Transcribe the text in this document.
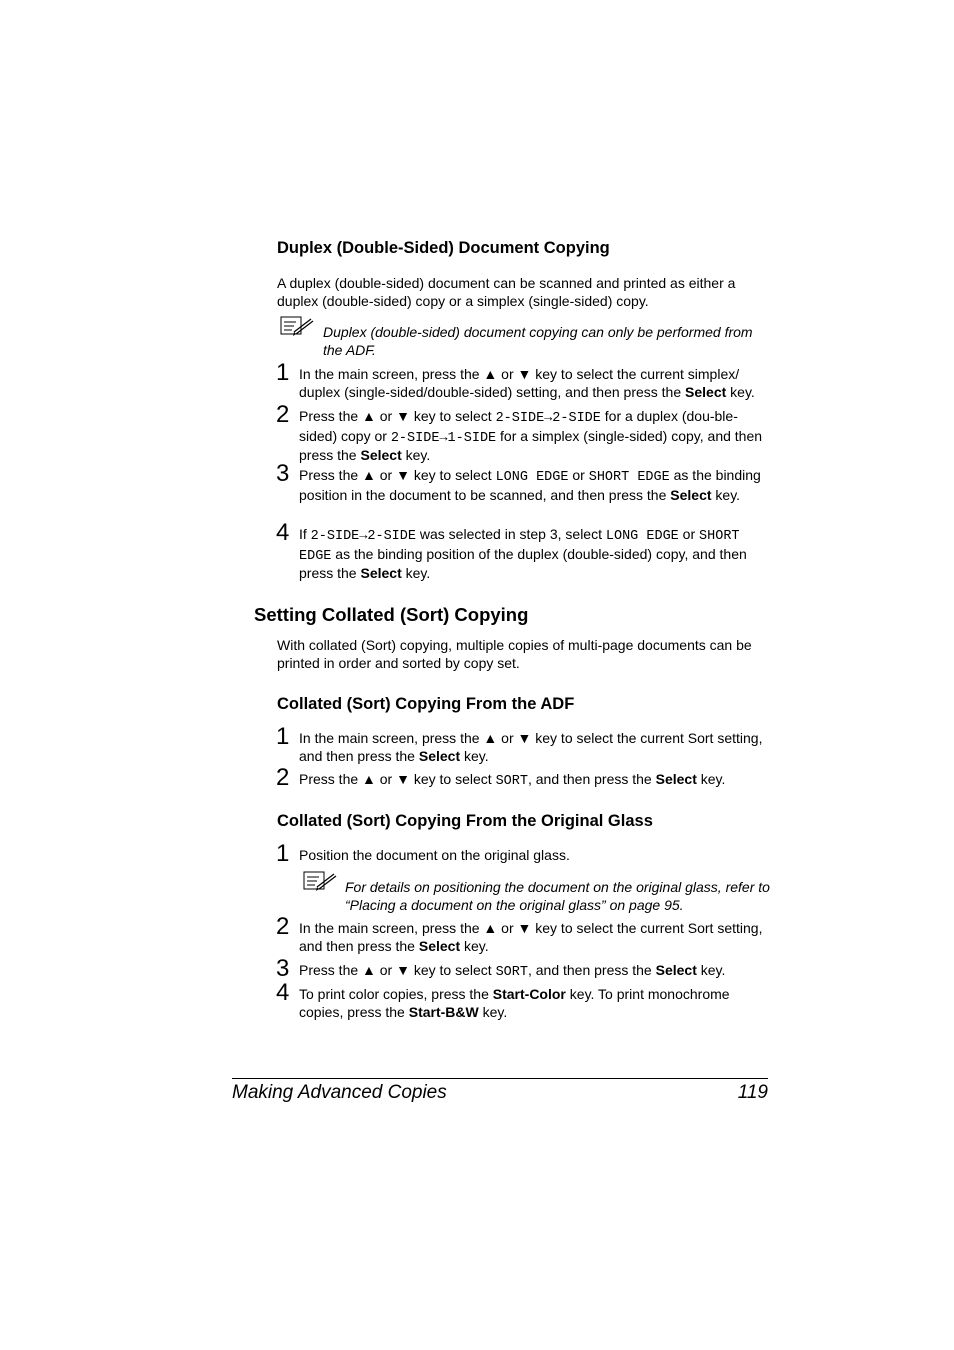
Duplex (Double-Sided) Document Copying

A duplex (double-sided) document can be scanned and printed as either a duplex (double-sided) copy or a simplex (single-sided) copy.

Duplex (double-sided) document copying can only be performed from the ADF.
1 In the main screen, press the ▲ or ▼ key to select the current simplex/ duplex (single-sided/double-sided) setting, and then press the Select key.
2 Press the ▲ or ▼ key to select 2-SIDE→2-SIDE for a duplex (dou-ble-sided) copy or 2-SIDE→1-SIDE for a simplex (single-sided) copy, and then press the Select key.
3 Press the ▲ or ▼ key to select LONG EDGE or SHORT EDGE as the binding position in the document to be scanned, and then press the Select key.
4 If 2-SIDE→2-SIDE was selected in step 3, select LONG EDGE or SHORT EDGE as the binding position of the duplex (double-sided) copy, and then press the Select key.
Setting Collated (Sort) Copying

With collated (Sort) copying, multiple copies of multi-page documents can be printed in order and sorted by copy set.

Collated (Sort) Copying From the ADF
1 In the main screen, press the ▲ or ▼ key to select the current Sort setting, and then press the Select key.
2 Press the ▲ or ▼ key to select SORT, and then press the Select key.
Collated (Sort) Copying From the Original Glass
1 Position the document on the original glass.
For details on positioning the document on the original glass, refer to “Placing a document on the original glass” on page 95.
2 In the main screen, press the ▲ or ▼ key to select the current Sort setting, and then press the Select key.
3 Press the ▲ or ▼ key to select SORT, and then press the Select key.
4 To print color copies, press the Start-Color key. To print monochrome copies, press the Start-B&W key.
Making Advanced Copies	119
